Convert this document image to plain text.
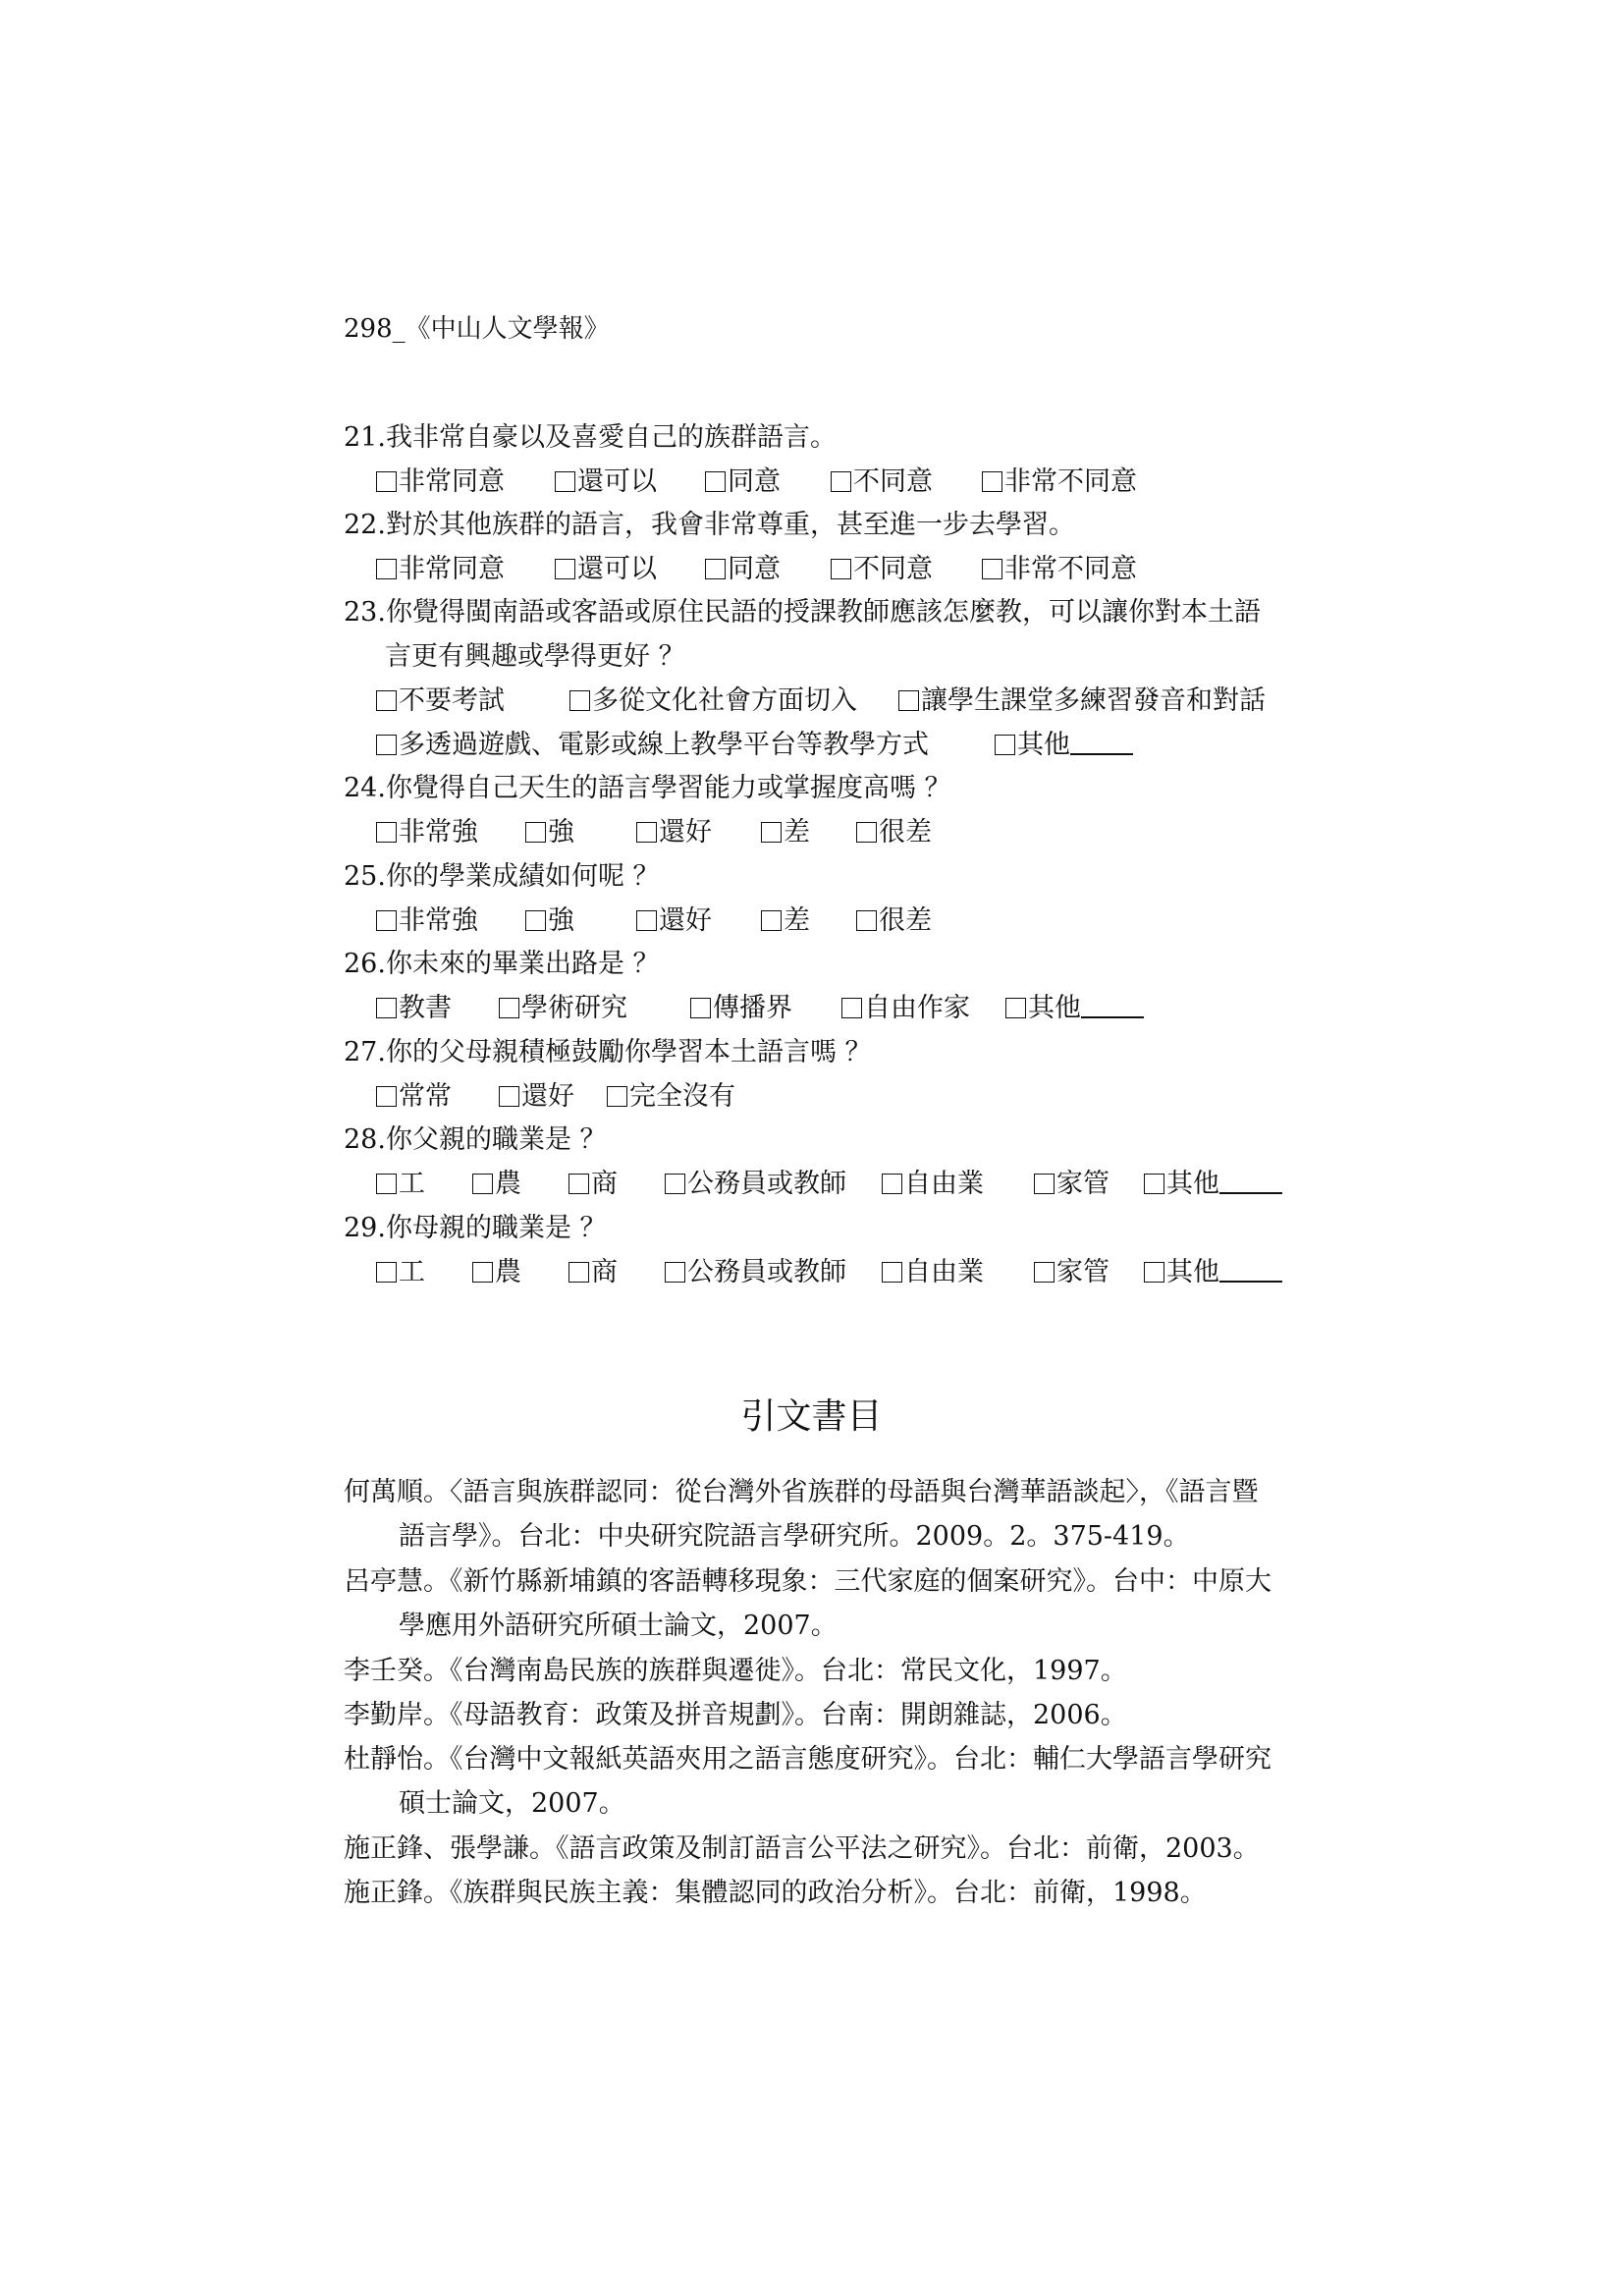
298_《中山人文學報》
21.我非常自豪以及喜愛自己的族群語言。
非常同意	還可以	同意	不同意	非常不同意
22.對於其他族群的語言，我會非常尊重，甚至進一步去學習。
非常同意	還可以	同意	不同意	非常不同意
23.你覺得閩南語或客語或原住民語的授課教師應該怎麼教，可以讓你對本土語
言更有興趣或學得更好 ？
不要考試	多從文化社會方面切入	讓學生課堂多練習發音和對話
多透過遊戲、電影或線上教學平台等教學方式	其他
24.你覺得自己天生的語言學習能力或掌握度高嗎 ？
非常強	強	還好	差	很差
25.你的學業成績如何呢 ？
非常強	強	還好	差	很差
26.你未來的畢業出路是 ？
教書	學術研究	傳播界	自由作家	其他
27.你的父母親積極鼓勵你學習本土語言嗎 ？
常常	還好	完全沒有
28.你父親的職業是 ？
工	農	商	公務員或教師	自由業	家管	其他
29.你母親的職業是 ？
工	農	商	公務員或教師	自由業	家管	其他
引文書目
何萬順。〈語言與族群認同：從台灣外省族群的母語與台灣華語談起〉，《語言暨
語言學》。台北：中央研究院語言學研究所。2009。2。375-419。
呂亭慧。《新竹縣新埔鎮的客語轉移現象：三代家庭的個案研究》。台中：中原大
學應用外語研究所碩士論文，2007。
李壬癸。《台灣南島民族的族群與遷徙》。台北：常民文化，1997。
李勤岸。《母語教育：政策及拼音規劃》。台南：開朗雜誌，2006。
杜靜怡。《台灣中文報紙英語夾用之語言態度研究》。台北：輔仁大學語言學研究
碩士論文，2007。
施正鋒、張學謙。《語言政策及制訂語言公平法之研究》。台北：前衛，2003。
施正鋒。《族群與民族主義：集體認同的政治分析》。台北：前衛，1998。
